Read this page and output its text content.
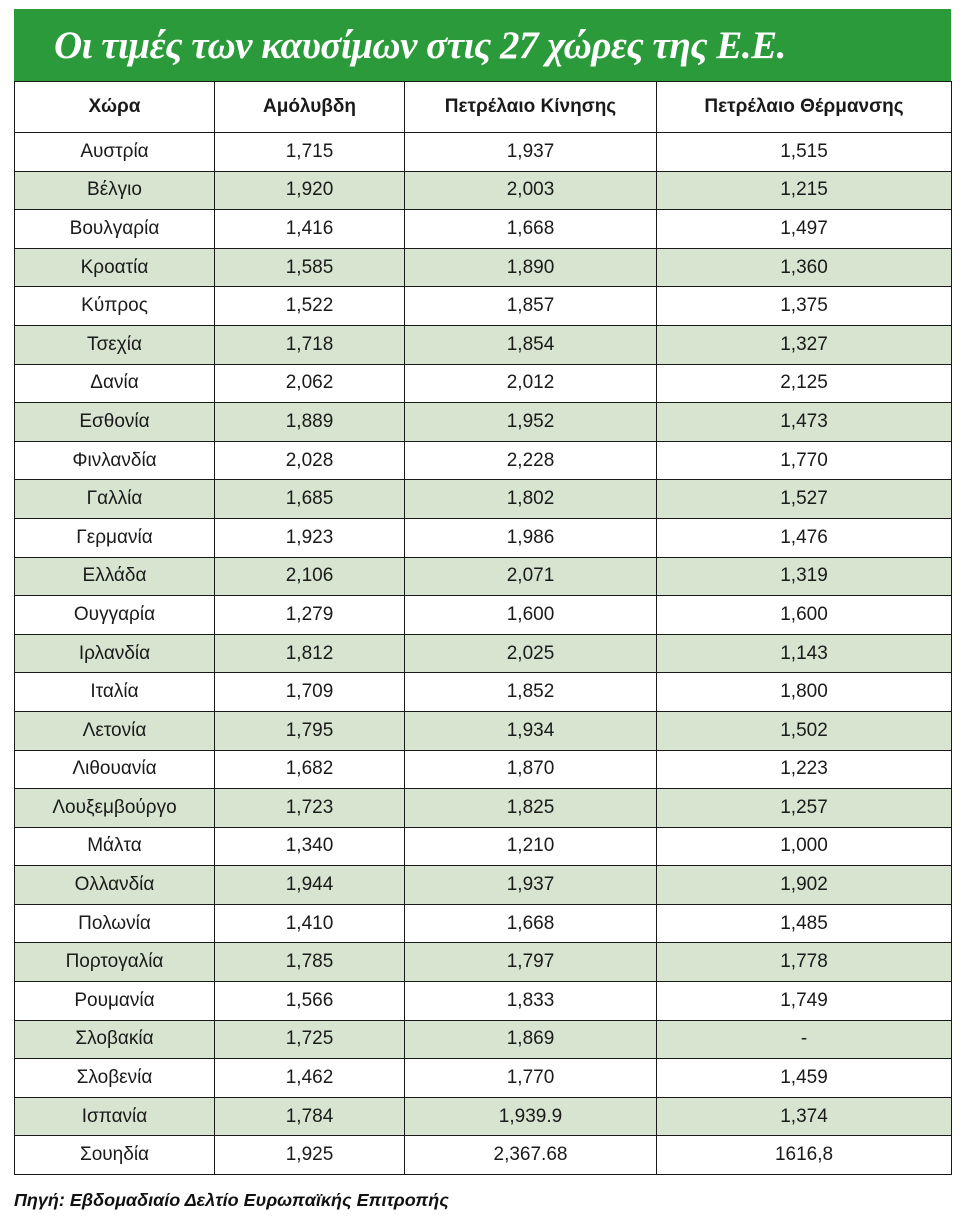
Οι τιμές των καυσίμων στις 27 χώρες της Ε.Ε.
Χώρα	Αμόλυβδη	Πετρέλαιο Κίνησης	Πετρέλαιο Θέρμανσης
Αυστρία	1,715	1,937	1,515
Βέλγιο	1,920	2,003	1,215
Βουλγαρία	1,416	1,668	1,497
Κροατία	1,585	1,890	1,360
Κύπρος	1,522	1,857	1,375
Τσεχία	1,718	1,854	1,327
Δανία	2,062	2,012	2,125
Εσθονία	1,889	1,952	1,473
Φινλανδία	2,028	2,228	1,770
Γαλλία	1,685	1,802	1,527
Γερμανία	1,923	1,986	1,476
Ελλάδα	2,106	2,071	1,319
Ουγγαρία	1,279	1,600	1,600
Ιρλανδία	1,812	2,025	1,143
Ιταλία	1,709	1,852	1,800
Λετονία	1,795	1,934	1,502
Λιθουανία	1,682	1,870	1,223
Λουξεμβούργο	1,723	1,825	1,257
Μάλτα	1,340	1,210	1,000
Ολλανδία	1,944	1,937	1,902
Πολωνία	1,410	1,668	1,485
Πορτογαλία	1,785	1,797	1,778
Ρουμανία	1,566	1,833	1,749
Σλοβακία	1,725	1,869	-
Σλοβενία	1,462	1,770	1,459
Ισπανία	1,784	1,939.9	1,374
Σουηδία	1,925	2,367.68	1616,8
Πηγή: Εβδομαδιαίο Δελτίο Ευρωπαϊκής Επιτροπής
